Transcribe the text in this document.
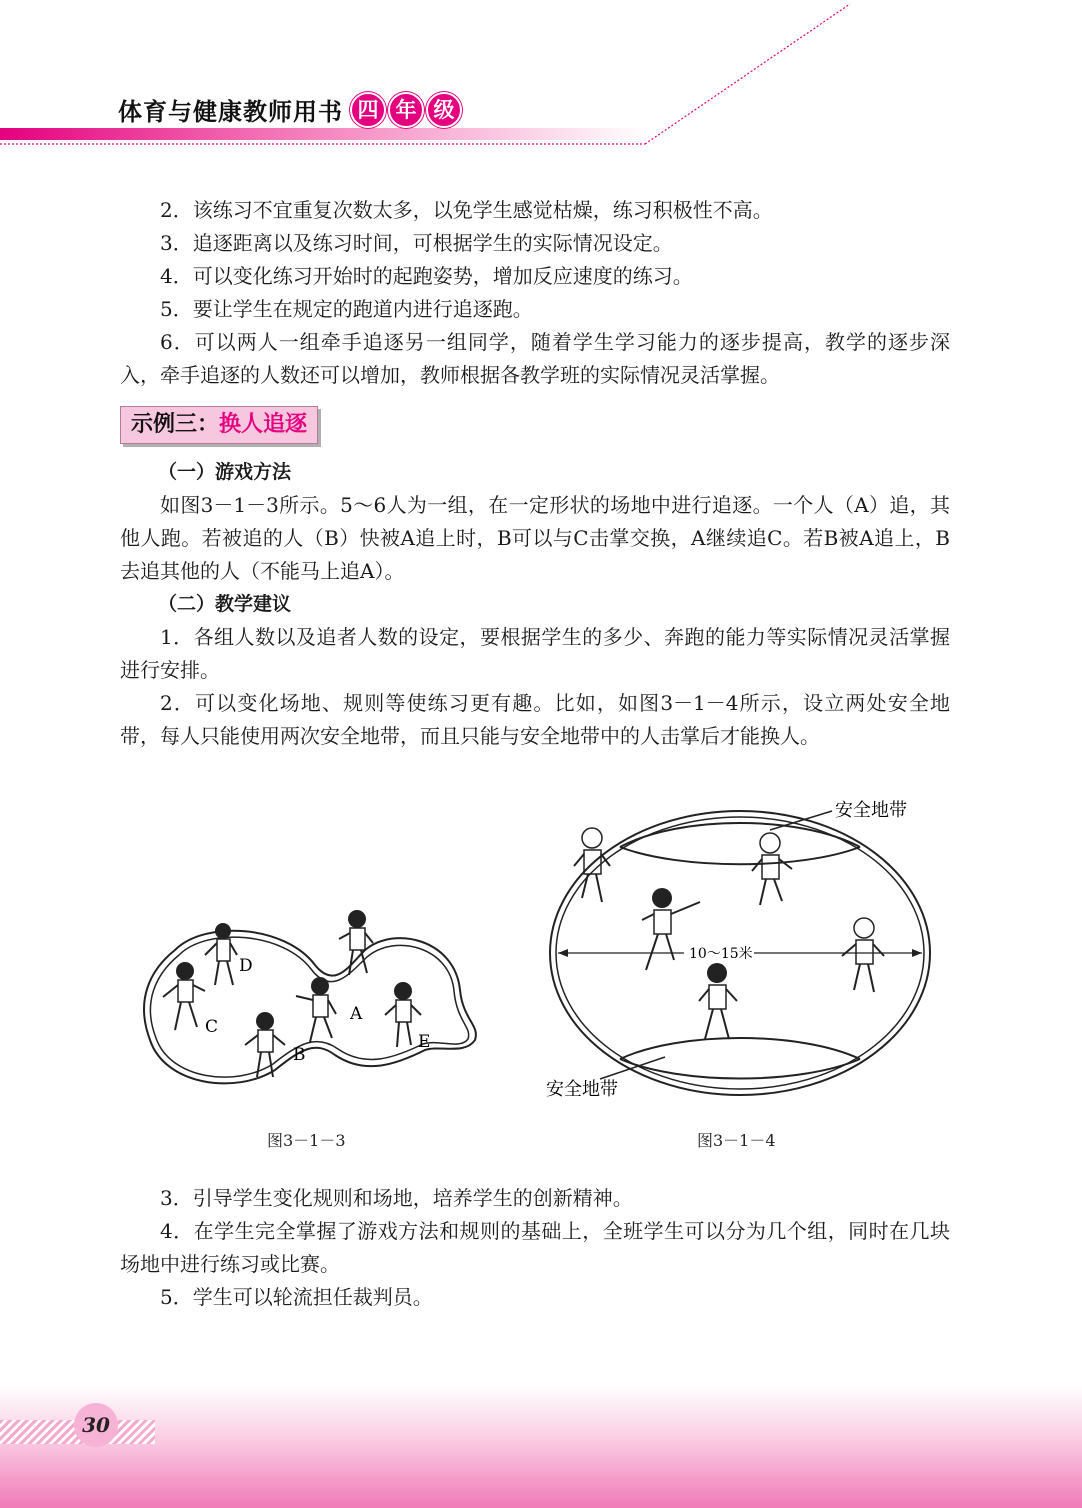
体育与健康教师用书 四 年 级

2．该练习不宜重复次数太多，以免学生感觉枯燥，练习积极性不高。

3．追逐距离以及练习时间，可根据学生的实际情况设定。

4．可以变化练习开始时的起跑姿势，增加反应速度的练习。

5．要让学生在规定的跑道内进行追逐跑。

6．可以两人一组牵手追逐另一组同学，随着学生学习能力的逐步提高，教学的逐步深入，牵手追逐的人数还可以增加，教师根据各教学班的实际情况灵活掌握。

示例三：换人追逐

（一）游戏方法

如图3－1－3所示。5～6人为一组，在一定形状的场地中进行追逐。一个人（A）追，其他人跑。若被追的人（B）快被A追上时，B可以与C击掌交换，A继续追C。若B被A追上，B去追其他的人（不能马上追A）。

（二）教学建议

1．各组人数以及追者人数的设定，要根据学生的多少、奔跑的能力等实际情况灵活掌握进行安排。

2．可以变化场地、规则等使练习更有趣。比如，如图3－1－4所示，设立两处安全地带，每人只能使用两次安全地带，而且只能与安全地带中的人击掌后才能换人。

D
C
A
B
E
图3－1－3
安全地带
安全地带
10～15米
图3－1－4

3．引导学生变化规则和场地，培养学生的创新精神。

4．在学生完全掌握了游戏方法和规则的基础上，全班学生可以分为几个组，同时在几块场地中进行练习或比赛。

5．学生可以轮流担任裁判员。

30
